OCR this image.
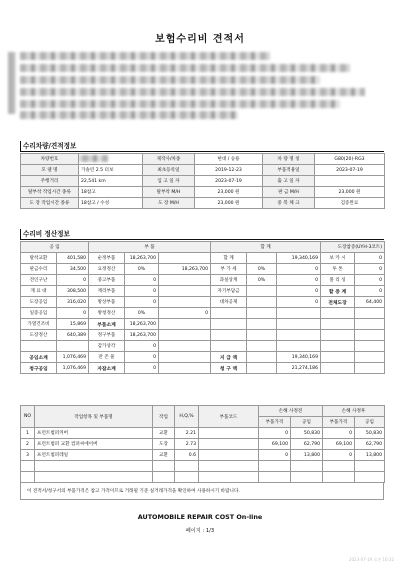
보험수리비 견적서
수리차량/견적정보
차량번호		제작사/차종	현대 / 승용	차 량 명 칭	G80(20)-RG3
모 델 명	가솔린 2.5 터보	최초등록일	2019-12-23	부품적용일	2023-07-19
주행거리	22,541 km	입 고 일 자	2023-07-19	출 고 일 자	
탈부착 작업시간 종류	18참고	탈부착 M/H	23,000 원	판 금 M/H	23,000 원
도 장 작업시간 종류	18참고 / 수성	도 장 M/H	23,000 원	중 복 체 크	검증완료
수리비 정산정보
공 임		부 품			합 계			도장참증(UYH-3코트)	
탈착교환	401,580	순정부품	18,263,700		합 계		19,340,169	보 카 시	0
판금수리	34,500	요정정산	0%	18,263,700	부 가 세	0%	0	투 톤	0
견인구난	0	중고부품	0		과실상계	0%	0	폴 리 싱	0
재 료 대	308,500	재리부품	0		자기부담금		0	할 증 계	0
도장공임	316,020	방상부품	0		대차공제		0	전체도장	64,400
일증공임	0	방청정산	0%	0					
가열건조비	15,869	부품소계	18,263,700						
도장정산	640,389	정구부품	18,263,700						
		감가상각	0						
공임소계	1,076,469	잔 존 물	0		지 급 액		19,340,169		
청구공임	1,076,469	자잡소계	0		청 구 액		21,274,186		
NO	작업항목 및 부품명	작업	H,Q,%	부품코드	손해 사정전		손해 사정후	
					부품가격	공임	부품가격	공임
1	프런트범퍼커버	교환	2.21		0	50,830	0	50,830
2	프런트범퍼 교환 컴퍼씨에이버	도장	2.73		69,100	62,790	69,100	62,790
3	프런트범퍼레일	교환	0.6		0	13,800	0	13,800

이 견적서/청구서의 부품가격은 참고 가격이므로 거래될 기준 실거래가격을 확인하여 사용하시기 바랍니다.
AUTOMOBILE REPAIR COST On-line
페이지 : 1/3
2023-07-19 오전 10:32
